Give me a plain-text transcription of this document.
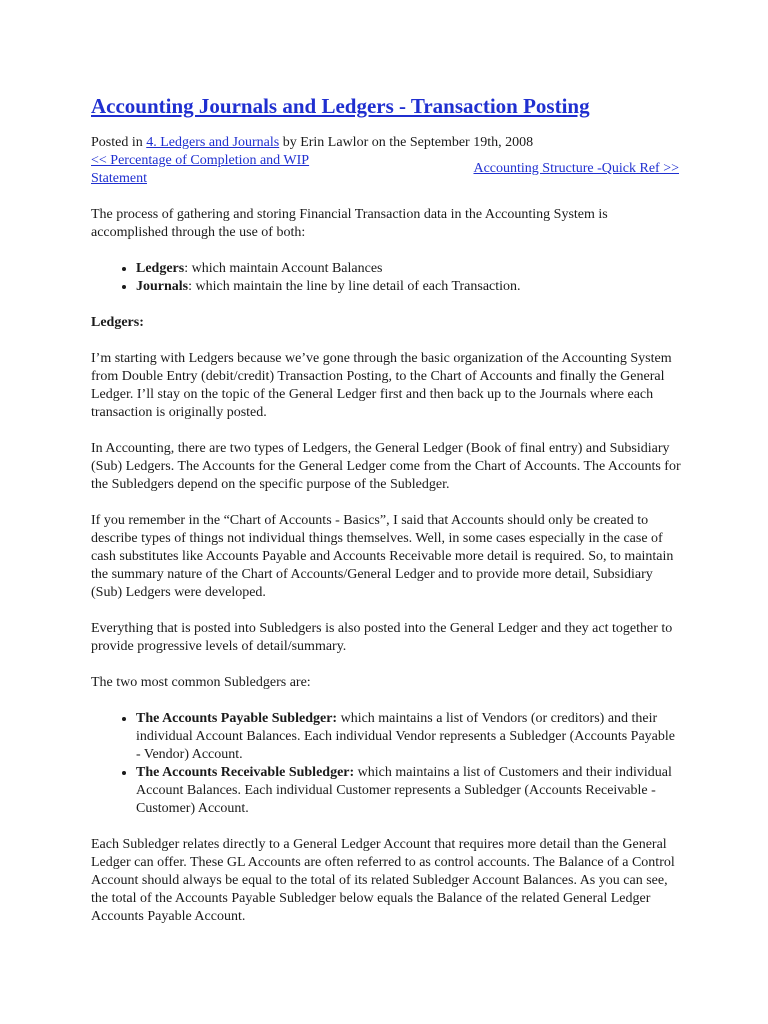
Accounting Journals and Ledgers - Transaction Posting
Posted in 4. Ledgers and Journals by Erin Lawlor on the September 19th, 2008
<< Percentage of Completion and WIP Statement
Accounting Structure -Quick Ref >>

The process of gathering and storing Financial Transaction data in the Accounting System is accomplished through the use of both:

• Ledgers: which maintain Account Balances
• Journals: which maintain the line by line detail of each Transaction.

Ledgers:

I’m starting with Ledgers because we’ve gone through the basic organization of the Accounting System from Double Entry (debit/credit) Transaction Posting, to the Chart of Accounts and finally the General Ledger. I’ll stay on the topic of the General Ledger first and then back up to the Journals where each transaction is originally posted.

In Accounting, there are two types of Ledgers, the General Ledger (Book of final entry) and Subsidiary (Sub) Ledgers. The Accounts for the General Ledger come from the Chart of Accounts. The Accounts for the Subledgers depend on the specific purpose of the Subledger.

If you remember in the “Chart of Accounts - Basics”, I said that Accounts should only be created to describe types of things not individual things themselves. Well, in some cases especially in the case of cash substitutes like Accounts Payable and Accounts Receivable more detail is required. So, to maintain the summary nature of the Chart of Accounts/General Ledger and to provide more detail, Subsidiary (Sub) Ledgers were developed.

Everything that is posted into Subledgers is also posted into the General Ledger and they act together to provide progressive levels of detail/summary.

The two most common Subledgers are:

• The Accounts Payable Subledger: which maintains a list of Vendors (or creditors) and their individual Account Balances. Each individual Vendor represents a Subledger (Accounts Payable - Vendor) Account.
• The Accounts Receivable Subledger: which maintains a list of Customers and their individual Account Balances. Each individual Customer represents a Subledger (Accounts Receivable - Customer) Account.

Each Subledger relates directly to a General Ledger Account that requires more detail than the General Ledger can offer. These GL Accounts are often referred to as control accounts. The Balance of a Control Account should always be equal to the total of its related Subledger Account Balances. As you can see, the total of the Accounts Payable Subledger below equals the Balance of the related General Ledger Accounts Payable Account.
